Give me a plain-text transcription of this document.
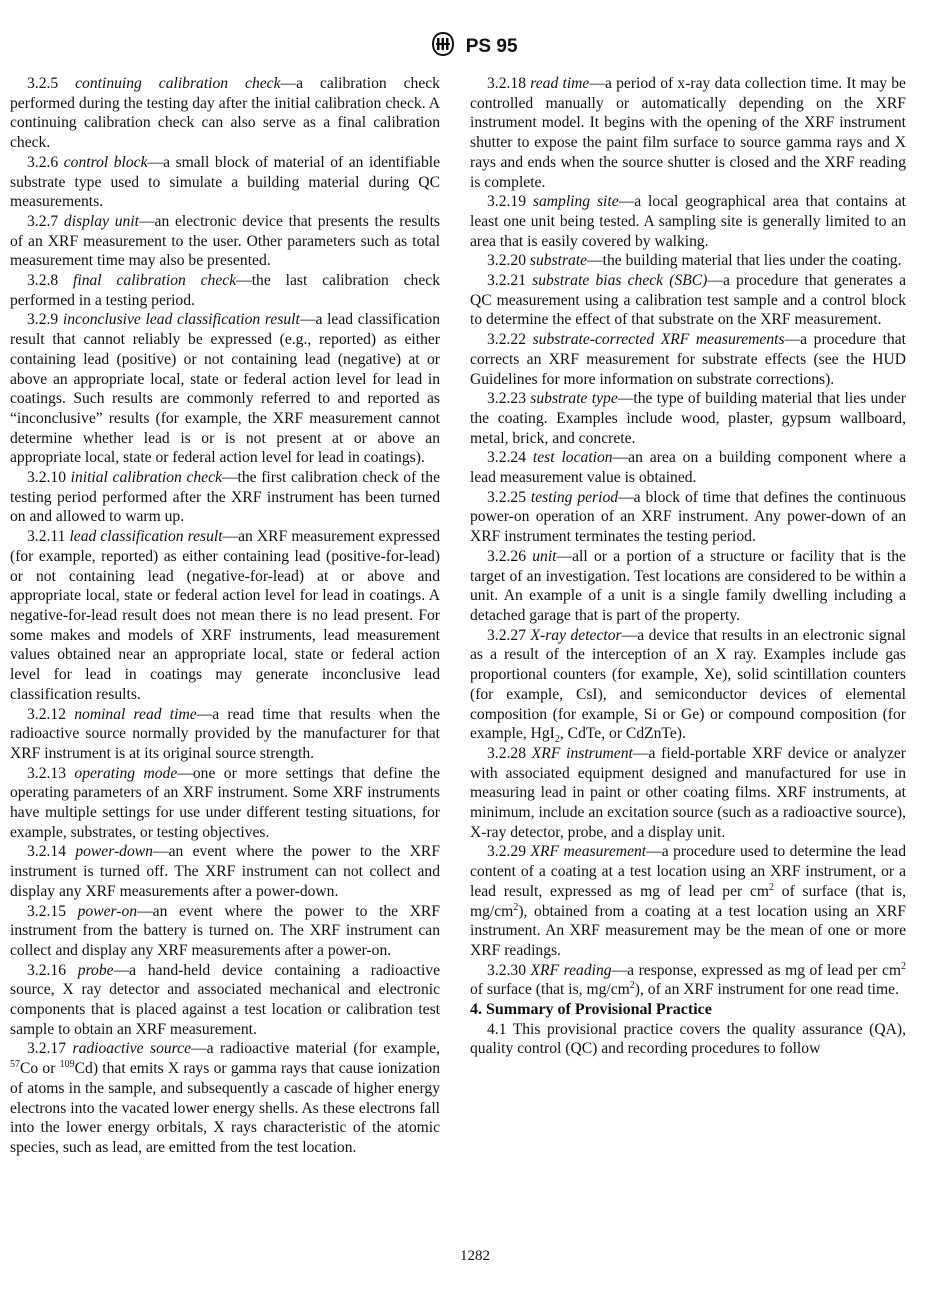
PS 95

3.2.5 continuing calibration check—a calibration check performed during the testing day after the initial calibration check. A continuing calibration check can also serve as a final calibration check.

3.2.6 control block—a small block of material of an identifiable substrate type used to simulate a building material during QC measurements.

3.2.7 display unit—an electronic device that presents the results of an XRF measurement to the user. Other parameters such as total measurement time may also be presented.

3.2.8 final calibration check—the last calibration check performed in a testing period.

3.2.9 inconclusive lead classification result—a lead classification result that cannot reliably be expressed (e.g., reported) as either containing lead (positive) or not containing lead (negative) at or above an appropriate local, state or federal action level for lead in coatings. Such results are commonly referred to and reported as “inconclusive” results (for example, the XRF measurement cannot determine whether lead is or is not present at or above an appropriate local, state or federal action level for lead in coatings).

3.2.10 initial calibration check—the first calibration check of the testing period performed after the XRF instrument has been turned on and allowed to warm up.

3.2.11 lead classification result—an XRF measurement expressed (for example, reported) as either containing lead (positive-for-lead) or not containing lead (negative-for-lead) at or above and appropriate local, state or federal action level for lead in coatings. A negative-for-lead result does not mean there is no lead present. For some makes and models of XRF instruments, lead measurement values obtained near an appropriate local, state or federal action level for lead in coatings may generate inconclusive lead classification results.

3.2.12 nominal read time—a read time that results when the radioactive source normally provided by the manufacturer for that XRF instrument is at its original source strength.

3.2.13 operating mode—one or more settings that define the operating parameters of an XRF instrument. Some XRF instruments have multiple settings for use under different testing situations, for example, substrates, or testing objectives.

3.2.14 power-down—an event where the power to the XRF instrument is turned off. The XRF instrument can not collect and display any XRF measurements after a power-down.

3.2.15 power-on—an event where the power to the XRF instrument from the battery is turned on. The XRF instrument can collect and display any XRF measurements after a power-on.

3.2.16 probe—a hand-held device containing a radioactive source, X ray detector and associated mechanical and electronic components that is placed against a test location or calibration test sample to obtain an XRF measurement.

3.2.17 radioactive source—a radioactive material (for example, $^{57}$Co or $^{109}$Cd) that emits X rays or gamma rays that cause ionization of atoms in the sample, and subsequently a cascade of higher energy electrons into the vacated lower energy shells. As these electrons fall into the lower energy orbitals, X rays characteristic of the atomic species, such as lead, are emitted from the test location.

3.2.18 read time—a period of x-ray data collection time. It may be controlled manually or automatically depending on the XRF instrument model. It begins with the opening of the XRF instrument shutter to expose the paint film surface to source gamma rays and X rays and ends when the source shutter is closed and the XRF reading is complete.

3.2.19 sampling site—a local geographical area that contains at least one unit being tested. A sampling site is generally limited to an area that is easily covered by walking.

3.2.20 substrate—the building material that lies under the coating.

3.2.21 substrate bias check (SBC)—a procedure that generates a QC measurement using a calibration test sample and a control block to determine the effect of that substrate on the XRF measurement.

3.2.22 substrate-corrected XRF measurements—a procedure that corrects an XRF measurement for substrate effects (see the HUD Guidelines for more information on substrate corrections).

3.2.23 substrate type—the type of building material that lies under the coating. Examples include wood, plaster, gypsum wallboard, metal, brick, and concrete.

3.2.24 test location—an area on a building component where a lead measurement value is obtained.

3.2.25 testing period—a block of time that defines the continuous power-on operation of an XRF instrument. Any power-down of an XRF instrument terminates the testing period.

3.2.26 unit—all or a portion of a structure or facility that is the target of an investigation. Test locations are considered to be within a unit. An example of a unit is a single family dwelling including a detached garage that is part of the property.

3.2.27 X-ray detector—a device that results in an electronic signal as a result of the interception of an X ray. Examples include gas proportional counters (for example, Xe), solid scintillation counters (for example, CsI), and semiconductor devices of elemental composition (for example, Si or Ge) or compound composition (for example, HgI$_2$, CdTe, or CdZnTe).

3.2.28 XRF instrument—a field-portable XRF device or analyzer with associated equipment designed and manufactured for use in measuring lead in paint or other coating films. XRF instruments, at minimum, include an excitation source (such as a radioactive source), X-ray detector, probe, and a display unit.

3.2.29 XRF measurement—a procedure used to determine the lead content of a coating at a test location using an XRF instrument, or a lead result, expressed as mg of lead per $cm^2$ of surface (that is, $mg/cm^2$), obtained from a coating at a test location using an XRF instrument. An XRF measurement may be the mean of one or more XRF readings.

3.2.30 XRF reading—a response, expressed as mg of lead per $cm^2$ of surface (that is, $mg/cm^2$), of an XRF instrument for one read time.

4. Summary of Provisional Practice

4.1 This provisional practice covers the quality assurance (QA), quality control (QC) and recording procedures to follow

1282
